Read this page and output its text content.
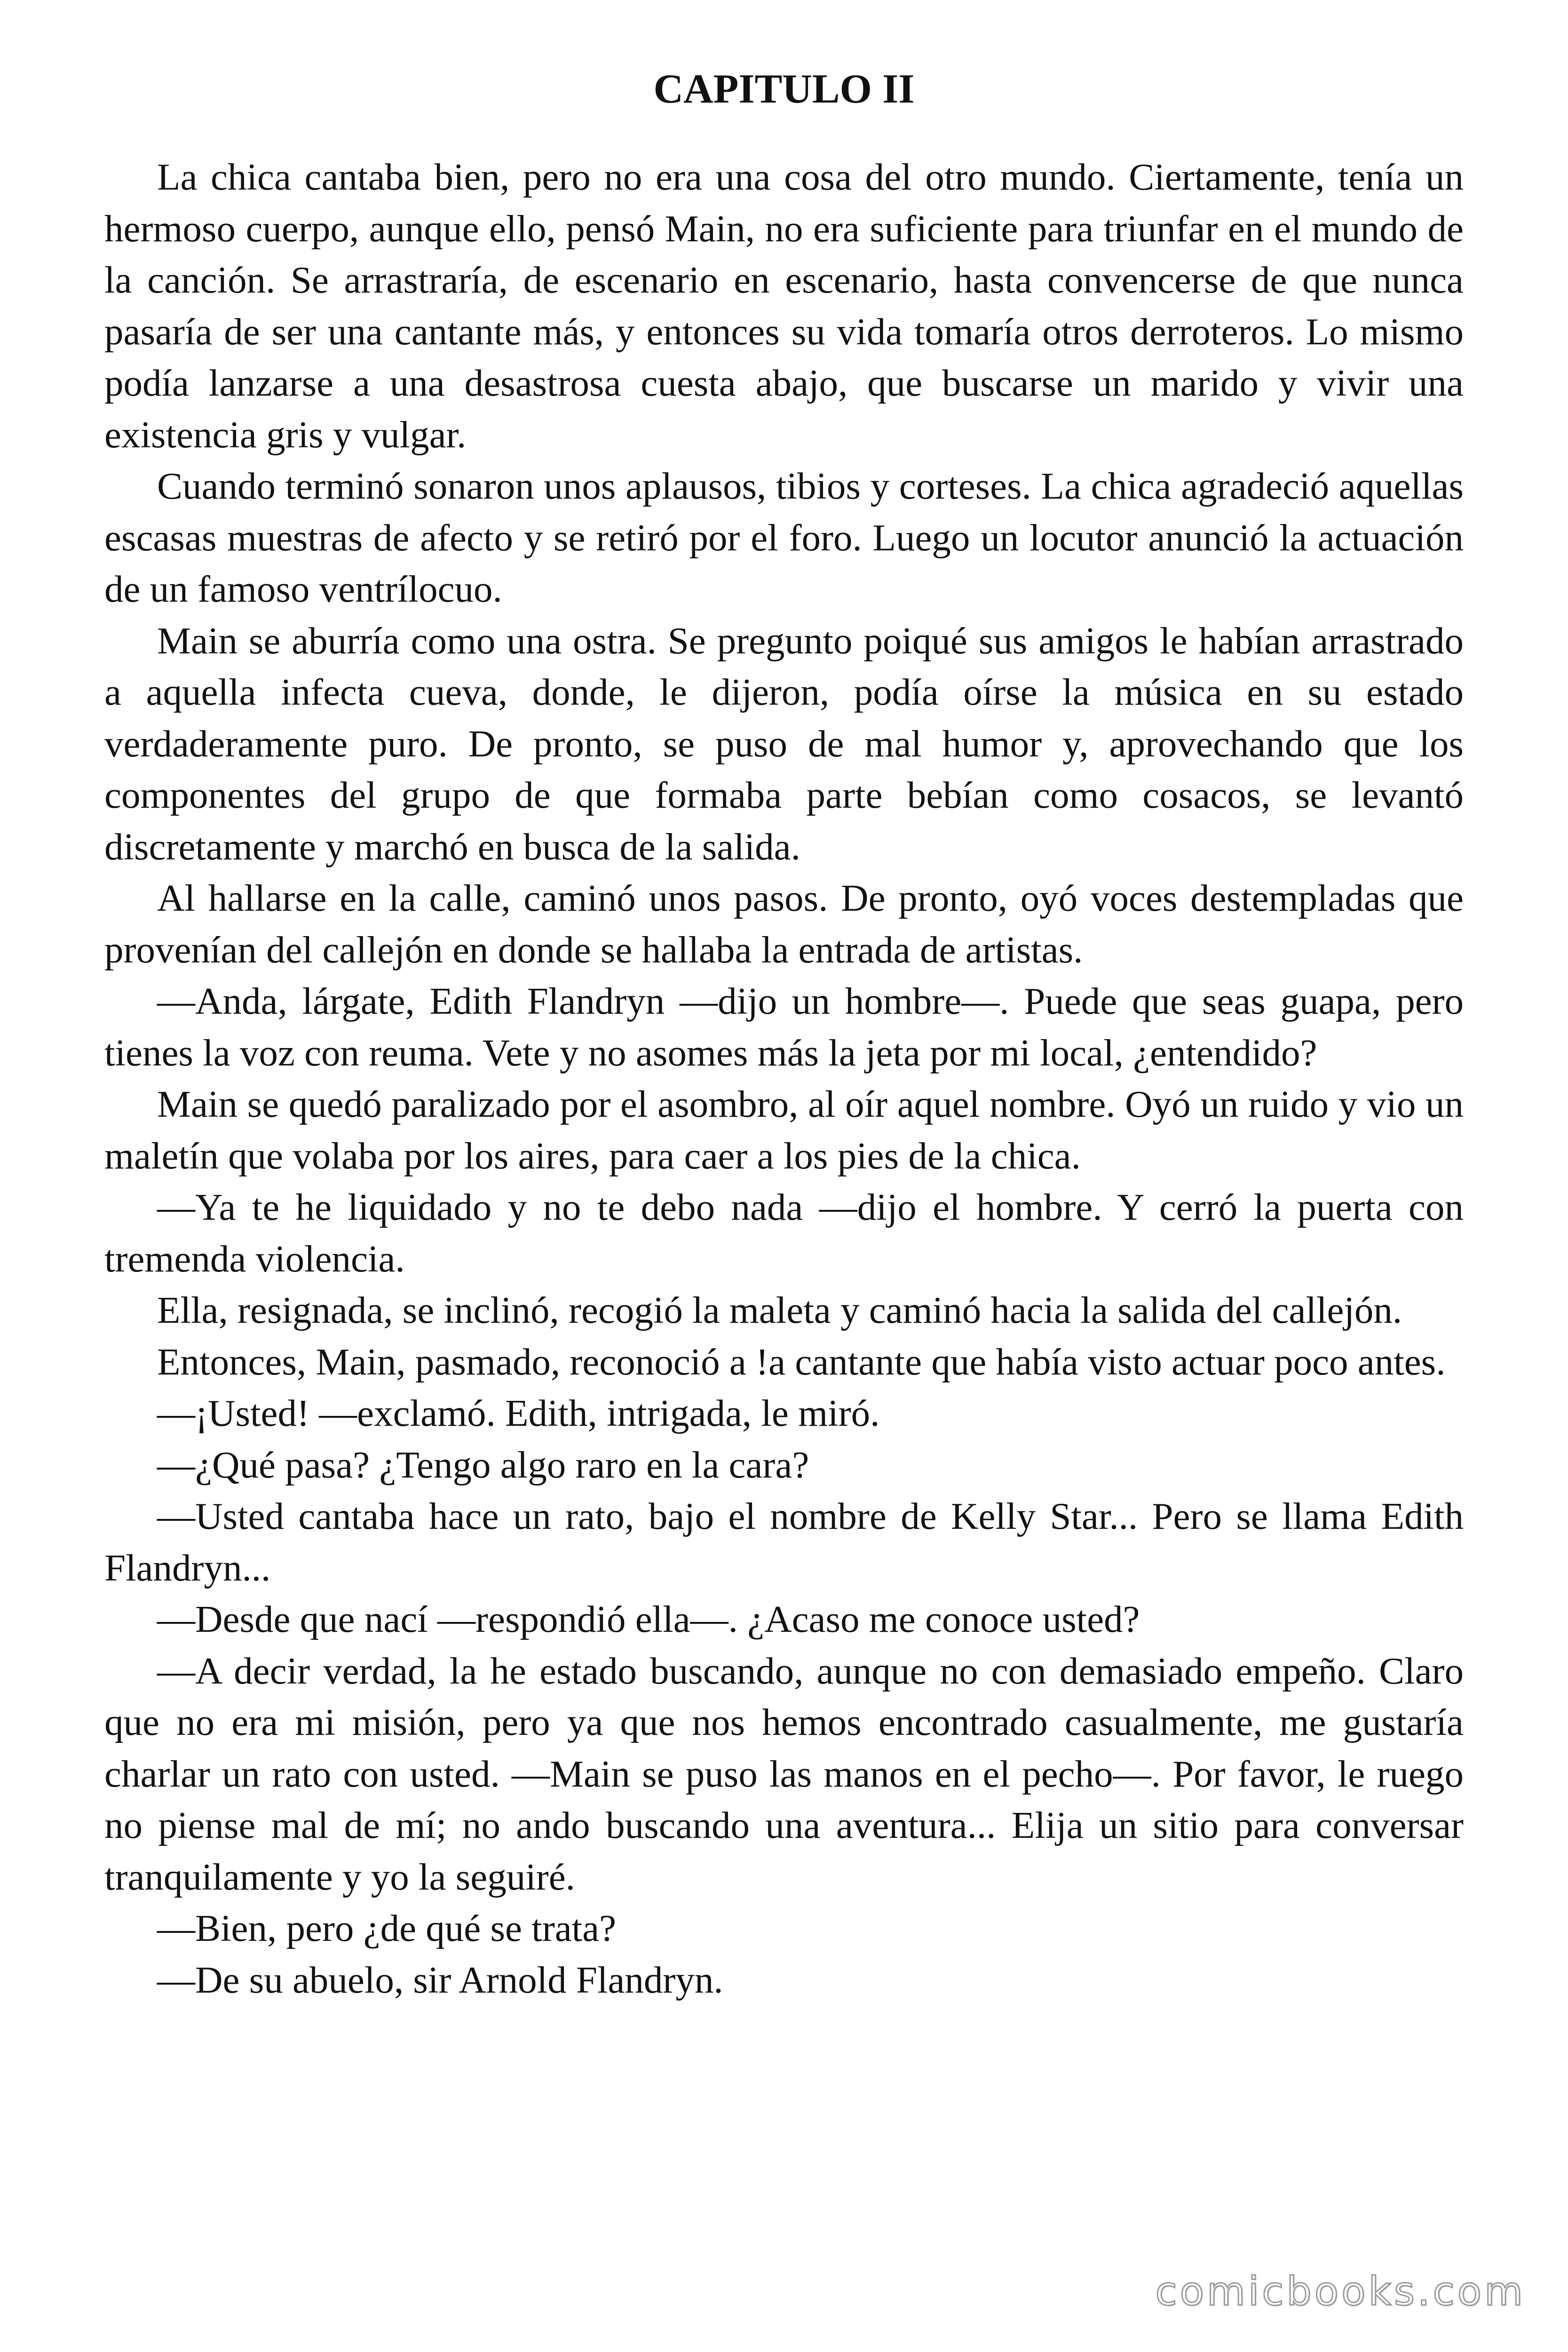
CAPITULO II

La chica cantaba bien, pero no era una cosa del otro mundo. Ciertamente, tenía un hermoso cuerpo, aunque ello, pensó Main, no era suficiente para triunfar en el mundo de la canción. Se arrastraría, de escenario en escenario, hasta convencerse de que nunca pasaría de ser una cantante más, y entonces su vida tomaría otros derroteros. Lo mismo podía lanzarse a una desastrosa cuesta abajo, que buscarse un marido y vivir una existencia gris y vulgar.

Cuando terminó sonaron unos aplausos, tibios y corteses. La chica agradeció aquellas escasas muestras de afecto y se retiró por el foro. Luego un locutor anunció la actuación de un famoso ventrílocuo.

Main se aburría como una ostra. Se pregunto poiqué sus amigos le habían arrastrado a aquella infecta cueva, donde, le dijeron, podía oírse la música en su estado verdaderamente puro. De pronto, se puso de mal humor y, aprovechando que los componentes del grupo de que formaba parte bebían como cosacos, se levantó discretamente y marchó en busca de la salida.

Al hallarse en la calle, caminó unos pasos. De pronto, oyó voces destempladas que provenían del callejón en donde se hallaba la entrada de artistas.

—Anda, lárgate, Edith Flandryn —dijo un hombre—. Puede que seas guapa, pero tienes la voz con reuma. Vete y no asomes más la jeta por mi local, ¿entendido?

Main se quedó paralizado por el asombro, al oír aquel nombre. Oyó un ruido y vio un maletín que volaba por los aires, para caer a los pies de la chica.

—Ya te he liquidado y no te debo nada —dijo el hombre. Y cerró la puerta con tremenda violencia.

Ella, resignada, se inclinó, recogió la maleta y caminó hacia la salida del callejón.

Entonces, Main, pasmado, reconoció a !a cantante que había visto actuar poco antes.

—¡Usted! —exclamó. Edith, intrigada, le miró.

—¿Qué pasa? ¿Tengo algo raro en la cara?

—Usted cantaba hace un rato, bajo el nombre de Kelly Star... Pero se llama Edith Flandryn...

—Desde que nací —respondió ella—. ¿Acaso me conoce usted?

—A decir verdad, la he estado buscando, aunque no con demasiado empeño. Claro que no era mi misión, pero ya que nos hemos encontrado casualmente, me gustaría charlar un rato con usted. —Main se puso las manos en el pecho—. Por favor, le ruego no piense mal de mí; no ando buscando una aventura... Elija un sitio para conversar tranquilamente y yo la seguiré.

—Bien, pero ¿de qué se trata?

—De su abuelo, sir Arnold Flandryn.

comicbooks.com
